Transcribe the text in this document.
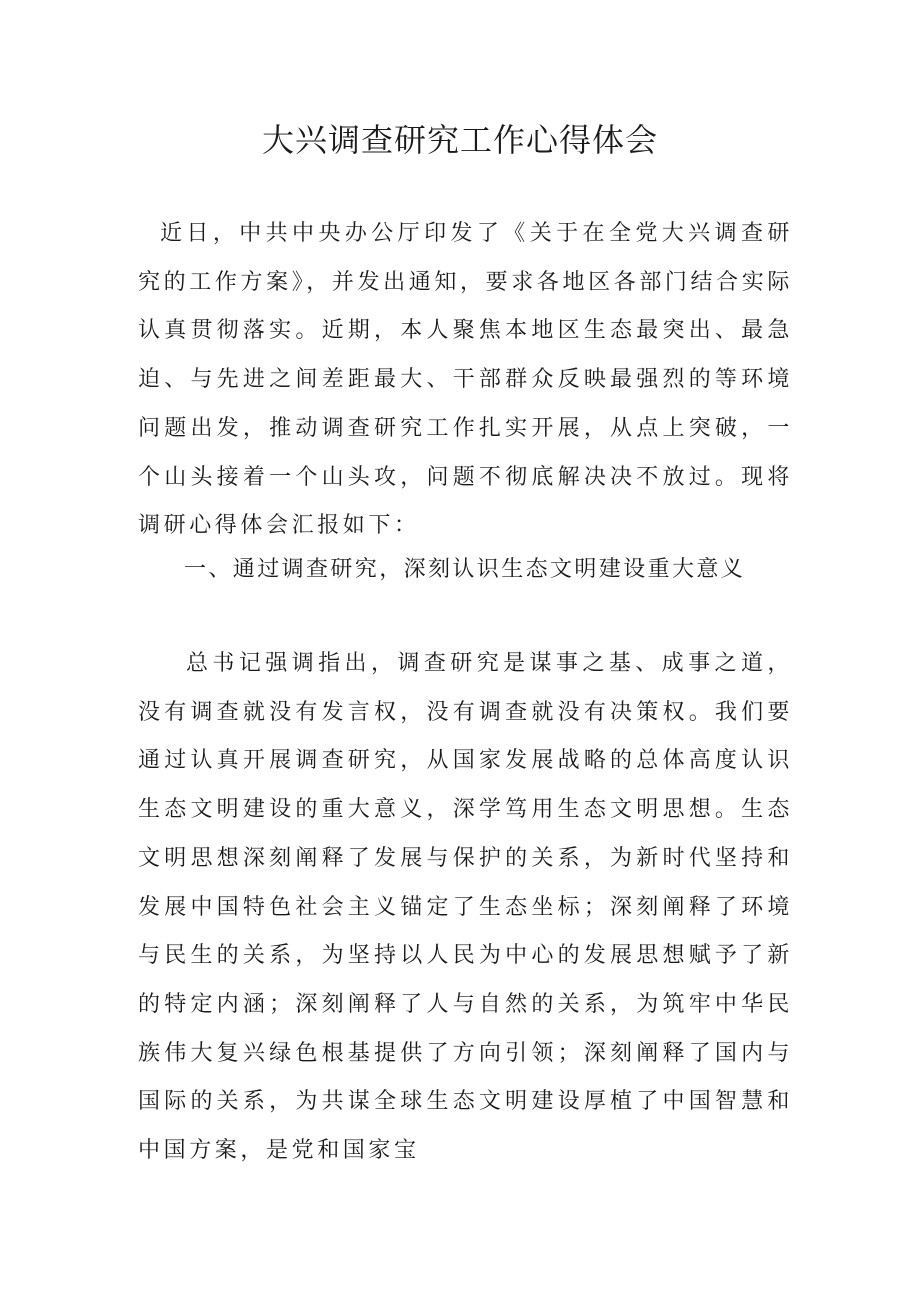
大兴调查研究工作心得体会

近日，中共中央办公厅印发了《关于在全党大兴调查研究的工作方案》，并发出通知，要求各地区各部门结合实际认真贯彻落实。近期，本人聚焦本地区生态最突出、最急迫、与先进之间差距最大、干部群众反映最强烈的等环境问题出发，推动调查研究工作扎实开展，从点上突破，一个山头接着一个山头攻，问题不彻底解决决不放过。现将调研心得体会汇报如下：

一、通过调查研究，深刻认识生态文明建设重大意义

总书记强调指出，调查研究是谋事之基、成事之道，没有调查就没有发言权，没有调查就没有决策权。我们要通过认真开展调查研究，从国家发展战略的总体高度认识生态文明建设的重大意义，深学笃用生态文明思想。生态文明思想深刻阐释了发展与保护的关系，为新时代坚持和发展中国特色社会主义锚定了生态坐标；深刻阐释了环境与民生的关系，为坚持以人民为中心的发展思想赋予了新的特定内涵；深刻阐释了人与自然的关系，为筑牢中华民族伟大复兴绿色根基提供了方向引领；深刻阐释了国内与国际的关系，为共谋全球生态文明建设厚植了中国智慧和中国方案，是党和国家宝
